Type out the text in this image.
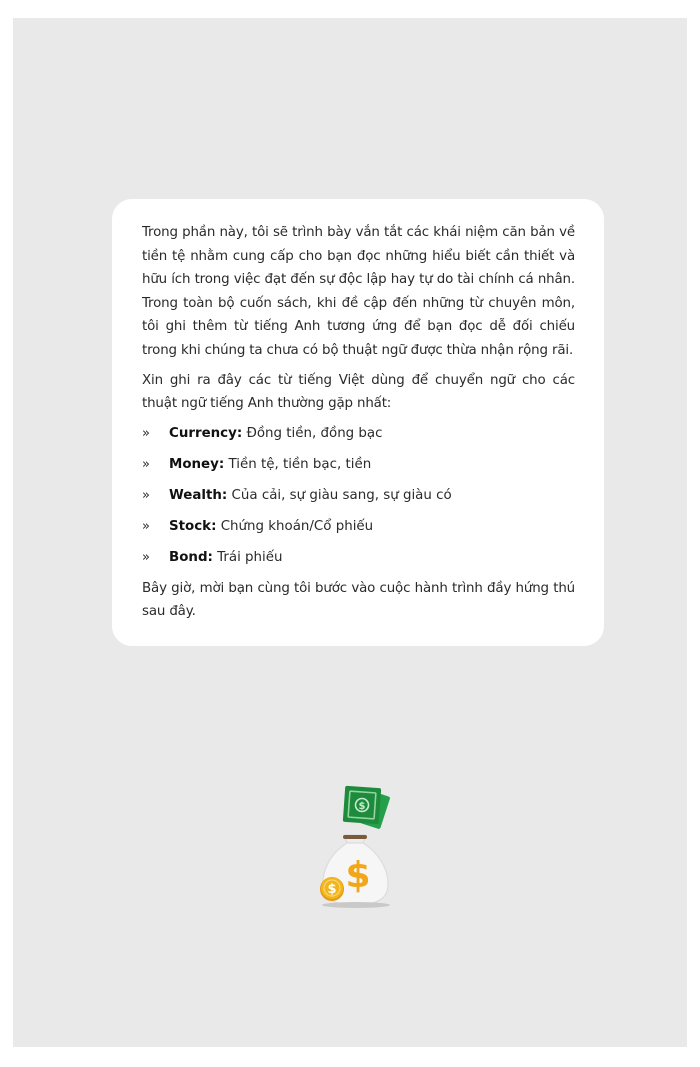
Trong phần này, tôi sẽ trình bày vắn tắt các khái niệm căn bản về tiền tệ nhằm cung cấp cho bạn đọc những hiểu biết cần thiết và hữu ích trong việc đạt đến sự độc lập hay tự do tài chính cá nhân. Trong toàn bộ cuốn sách, khi đề cập đến những từ chuyên môn, tôi ghi thêm từ tiếng Anh tương ứng để bạn đọc dễ đối chiếu trong khi chúng ta chưa có bộ thuật ngữ được thừa nhận rộng rãi.

Xin ghi ra đây các từ tiếng Việt dùng để chuyển ngữ cho các thuật ngữ tiếng Anh thường gặp nhất:

» Currency: Đồng tiền, đồng bạc
» Money: Tiền tệ, tiền bạc, tiền
» Wealth: Của cải, sự giàu sang, sự giàu có
» Stock: Chứng khoán/Cổ phiếu
» Bond: Trái phiếu

Bây giờ, mời bạn cùng tôi bước vào cuộc hành trình đầy hứng thú sau đây.

$
$
$
